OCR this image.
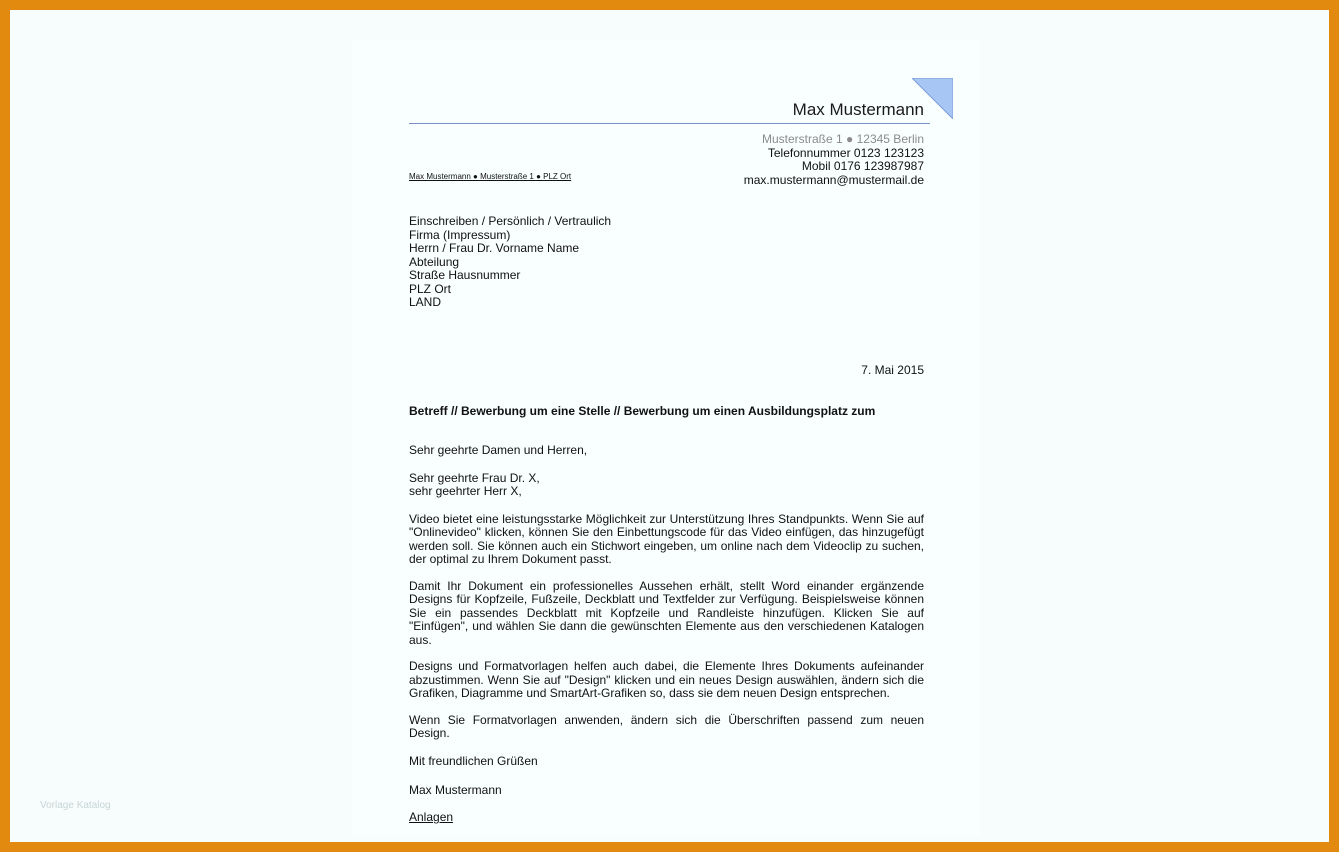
Max Mustermann
Musterstraße 1 ● 12345 Berlin
Telefonnummer 0123 123123
Mobil 0176 123987987
max.mustermann@mustermail.de
Max Mustermann ● Musterstraße 1 ● PLZ Ort
Einschreiben / Persönlich / Vertraulich
Firma (Impressum)
Herrn / Frau Dr. Vorname Name
Abteilung
Straße Hausnummer
PLZ Ort
LAND
7. Mai 2015
Betreff // Bewerbung um eine Stelle // Bewerbung um einen Ausbildungsplatz zum

Sehr geehrte Damen und Herren,

Sehr geehrte Frau Dr. X,

sehr geehrter Herr X,

Video bietet eine leistungsstarke Möglichkeit zur Unterstützung Ihres Standpunkts. Wenn Sie auf "Onlinevideo" klicken, können Sie den Einbettungscode für das Video einfügen, das hinzugefügt werden soll. Sie können auch ein Stichwort eingeben, um online nach dem Videoclip zu suchen, der optimal zu Ihrem Dokument passt.

Damit Ihr Dokument ein professionelles Aussehen erhält, stellt Word einander ergänzende Designs für Kopfzeile, Fußzeile, Deckblatt und Textfelder zur Verfügung. Beispielsweise können Sie ein passendes Deckblatt mit Kopfzeile und Randleiste hinzufügen. Klicken Sie auf "Einfügen", und wählen Sie dann die gewünschten Elemente aus den verschiedenen Katalogen aus.

Designs und Formatvorlagen helfen auch dabei, die Elemente Ihres Dokuments aufeinander abzustimmen. Wenn Sie auf "Design" klicken und ein neues Design auswählen, ändern sich die Grafiken, Diagramme und SmartArt-Grafiken so, dass sie dem neuen Design entsprechen.

Wenn Sie Formatvorlagen anwenden, ändern sich die Überschriften passend zum neuen Design.

Mit freundlichen Grüßen

Max Mustermann
Anlagen
Vorlage Katalog
